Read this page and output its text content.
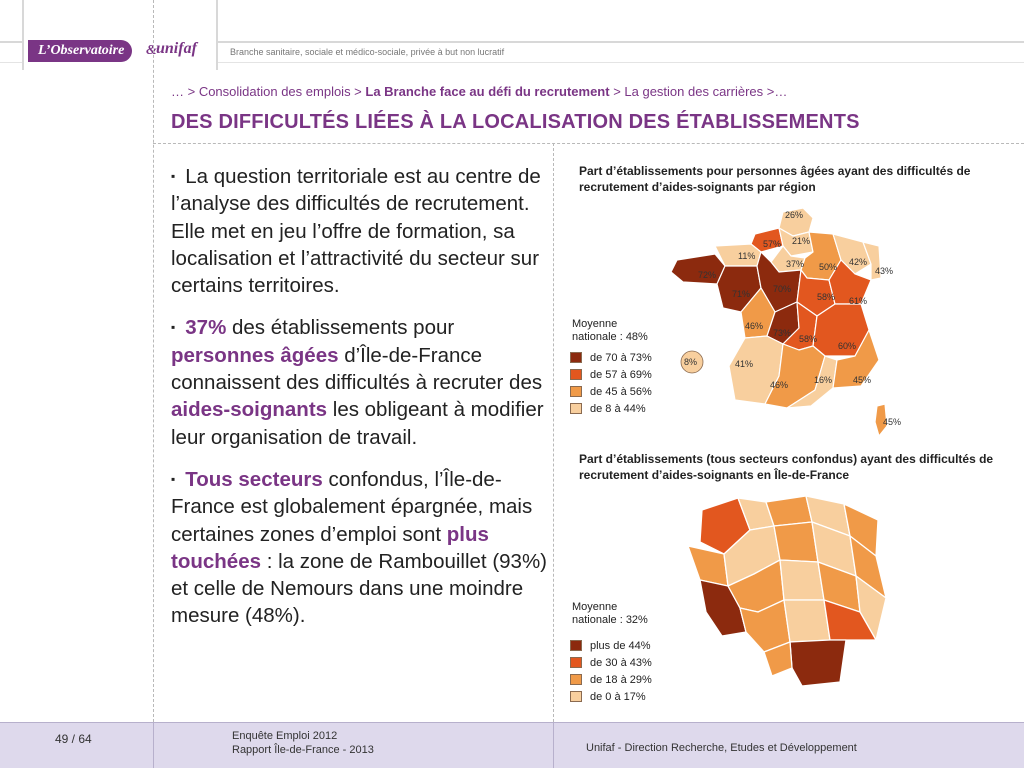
L’Observatoire	& unifaf	Branche sanitaire, sociale et médico-sociale, privée à but non lucratif
… > Consolidation des emplois > La Branche face au défi du recrutement > La gestion des carrières >…
DES DIFFICULTÉS LIÉES À LA LOCALISATION DES ÉTABLISSEMENTS

▪ La question territoriale est au centre de l’analyse des difficultés de recrutement. Elle met en jeu l’offre de formation, sa localisation et l’attractivité du secteur sur certains territoires.

▪ 37% des établissements pour personnes âgées d’Île-de-France connaissent des difficultés à recruter des aides-soignants les obligeant à modifier leur organisation de travail.

▪ Tous secteurs confondus, l’Île-de-France est globalement épargnée, mais certaines zones d’emploi sont plus touchées : la zone de Rambouillet (93%) et celle de Nemours dans une moindre mesure (48%).

Part d’établissements pour personnes âgées ayant des difficultés de recrutement d’aides-soignants par région
26%
57% 21%
11%
37% 50% 42%
43%
72%
70%
71%	58% 61%
46%
73%
58%
60%
8%	41%
46%	16% 45%
45%
Moyenne
nationale : 48%
de 70 à 73%
de 57 à 69%
de 45 à 56%
de 8 à 44%
Part d’établissements (tous secteurs confondus) ayant des difficultés de recrutement d’aides-soignants en Île-de-France
Moyenne
nationale : 32%
plus de 44%
de 30 à 43%
de 18 à 29%
de 0 à 17%
49 / 64	Enquête Emploi 2012
Rapport Île-de-France - 2013	Unifaf - Direction Recherche, Etudes et Développement
